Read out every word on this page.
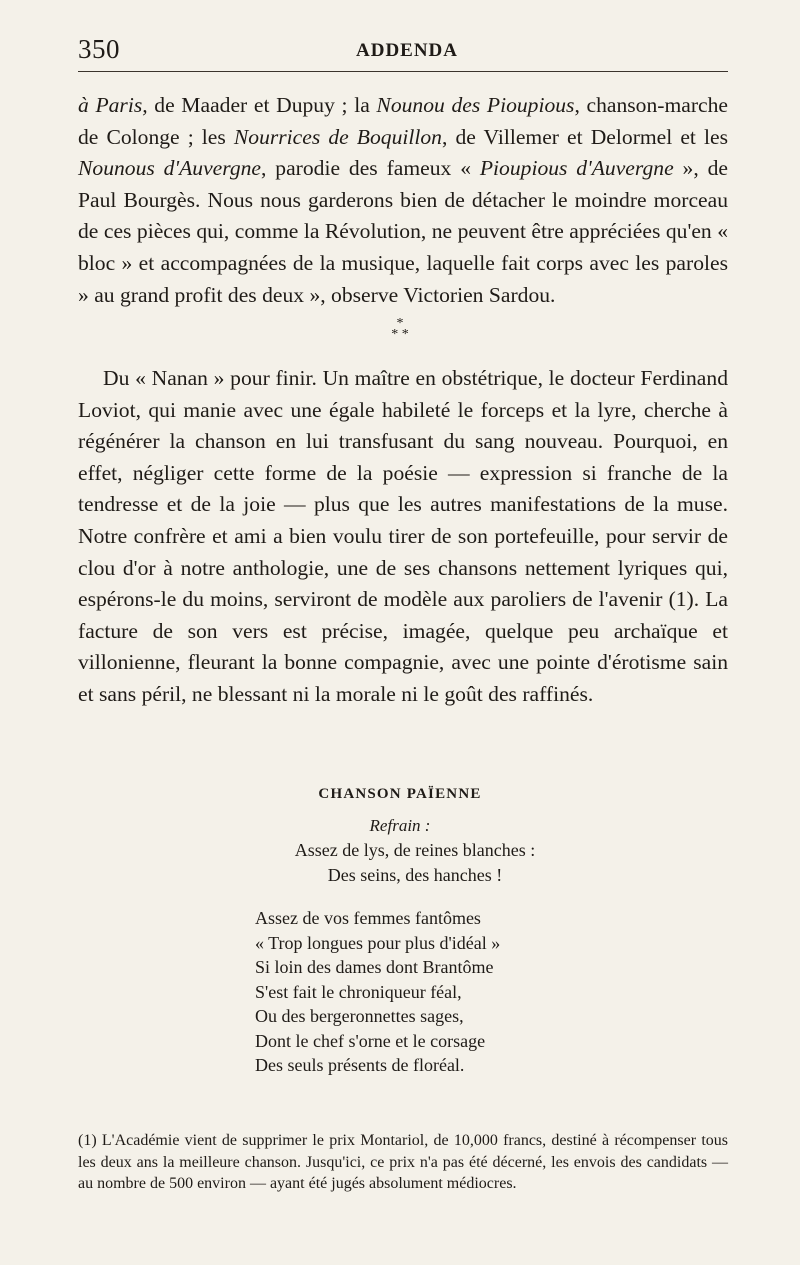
350	ADDENDA

à Paris, de Maader et Dupuy ; la Nounou des Pioupious, chanson-marche de Colonge ; les Nourrices de Boquillon, de Villemer et Delormel et les Nounous d'Auvergne, parodie des fameux « Pioupious d'Auvergne », de Paul Bourgès. Nous nous garderons bien de détacher le moindre morceau de ces pièces qui, comme la Révolution, ne peuvent être appréciées qu'en « bloc » et accompagnées de la musique, laquelle fait corps avec les paroles » au grand profit des deux », observe Victorien Sardou.

*
* *

Du « Nanan » pour finir. Un maître en obstétrique, le docteur Ferdinand Loviot, qui manie avec une égale habileté le forceps et la lyre, cherche à régénérer la chanson en lui transfusant du sang nouveau. Pourquoi, en effet, négliger cette forme de la poésie — expression si franche de la tendresse et de la joie — plus que les autres manifestations de la muse. Notre confrère et ami a bien voulu tirer de son portefeuille, pour servir de clou d'or à notre anthologie, une de ses chansons nettement lyriques qui, espérons-le du moins, serviront de modèle aux paroliers de l'avenir (1). La facture de son vers est précise, imagée, quelque peu archaïque et villonienne, fleurant la bonne compagnie, avec une pointe d'érotisme sain et sans péril, ne blessant ni la morale ni le goût des raffinés.

CHANSON PAÏENNE
Refrain :
Assez de lys, de reines blanches :
Des seins, des hanches !
Assez de vos femmes fantômes
« Trop longues pour plus d'idéal »
Si loin des dames dont Brantôme
S'est fait le chroniqueur féal,
Ou des bergeronnettes sages,
Dont le chef s'orne et le corsage
Des seuls présents de floréal.

(1) L'Académie vient de supprimer le prix Montariol, de 10,000 francs, destiné à récompenser tous les deux ans la meilleure chanson. Jusqu'ici, ce prix n'a pas été décerné, les envois des candidats — au nombre de 500 environ — ayant été jugés absolument médiocres.
